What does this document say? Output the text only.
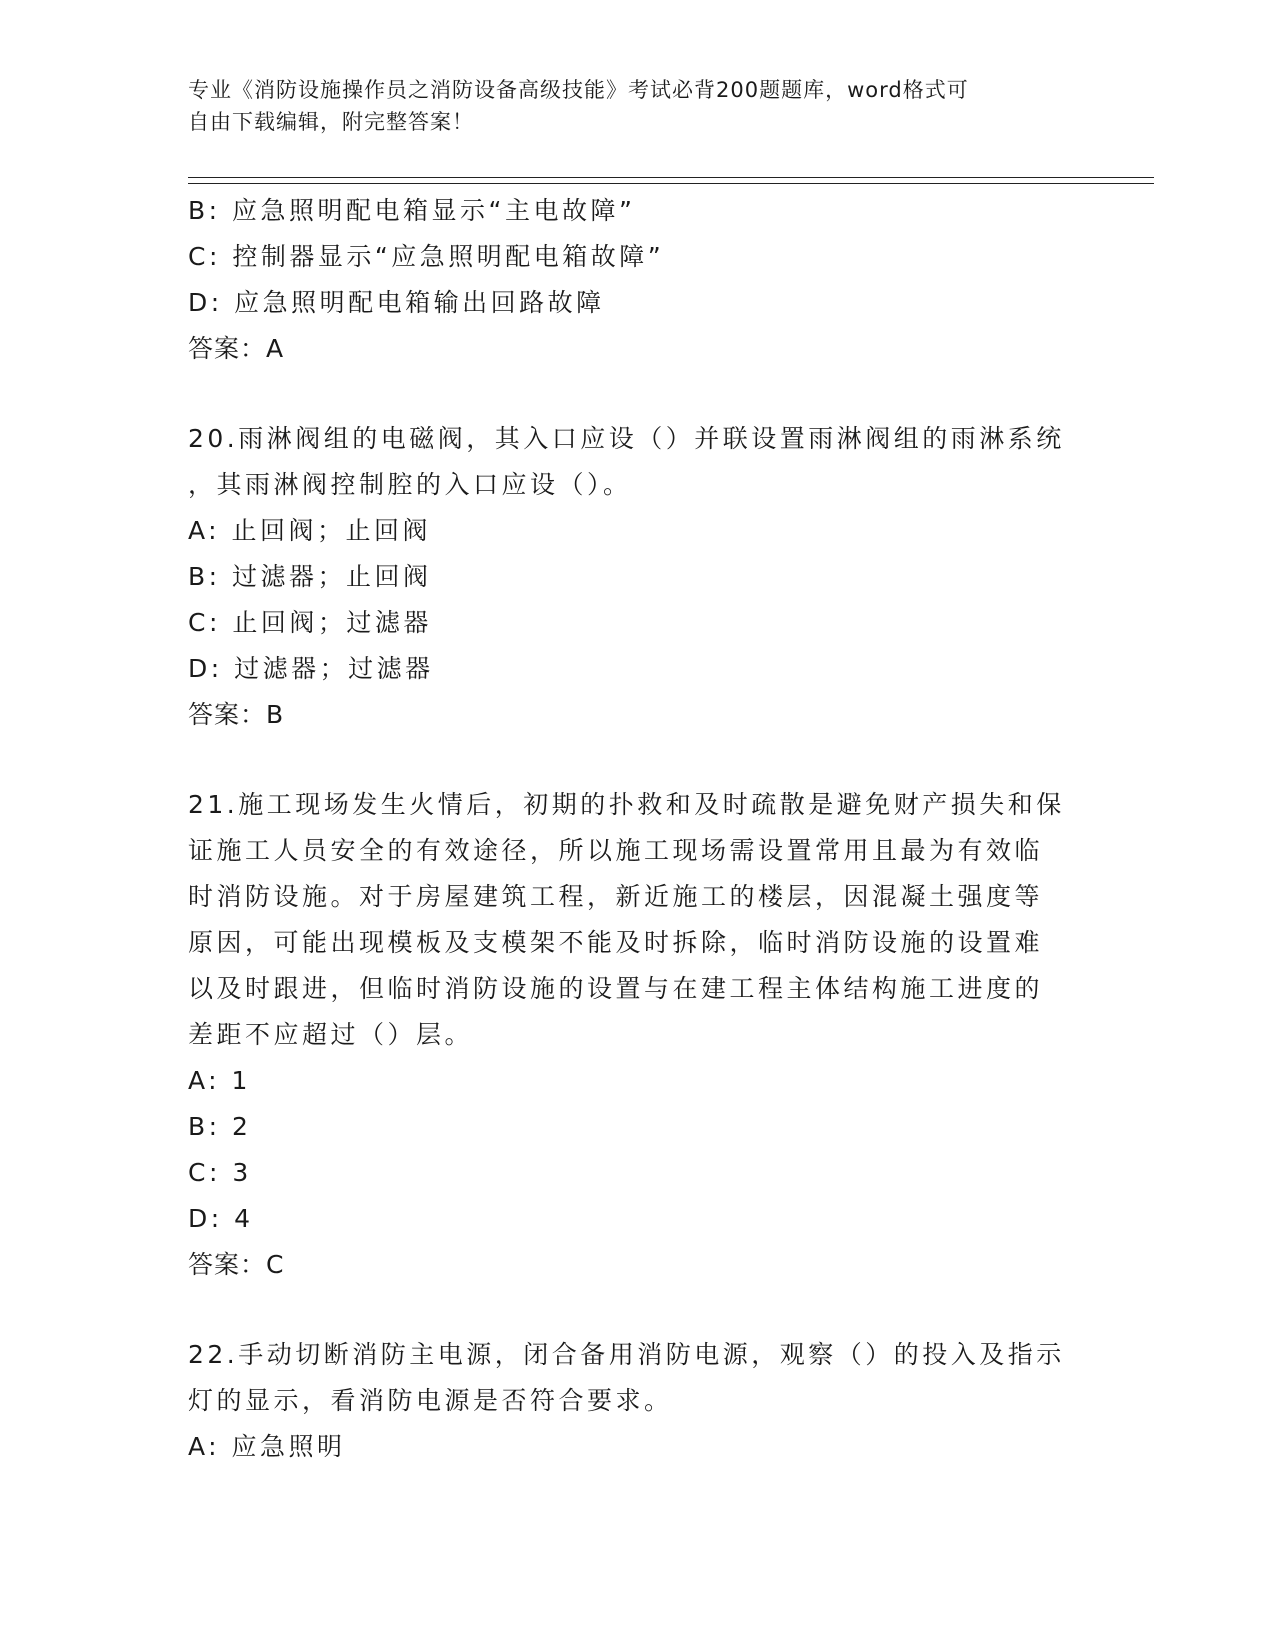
专业《消防设施操作员之消防设备高级技能》考试必背200题题库，word格式可
自由下载编辑，附完整答案！
B: 应急照明配电箱显示“主电故障”
C: 控制器显示“应急照明配电箱故障”
D: 应急照明配电箱输出回路故障
答案：A
20.雨淋阀组的电磁阀，其入口应设（）并联设置雨淋阀组的雨淋系统
，其雨淋阀控制腔的入口应设（）。
A: 止回阀；止回阀
B: 过滤器；止回阀
C: 止回阀；过滤器
D: 过滤器；过滤器
答案：B
21.施工现场发生火情后，初期的扑救和及时疏散是避免财产损失和保
证施工人员安全的有效途径，所以施工现场需设置常用且最为有效临
时消防设施。对于房屋建筑工程，新近施工的楼层，因混凝土强度等
原因，可能出现模板及支模架不能及时拆除，临时消防设施的设置难
以及时跟进，但临时消防设施的设置与在建工程主体结构施工进度的
差距不应超过（）层。
A: 1
B: 2
C: 3
D: 4
答案：C
22.手动切断消防主电源，闭合备用消防电源，观察（）的投入及指示
灯的显示，看消防电源是否符合要求。
A: 应急照明
